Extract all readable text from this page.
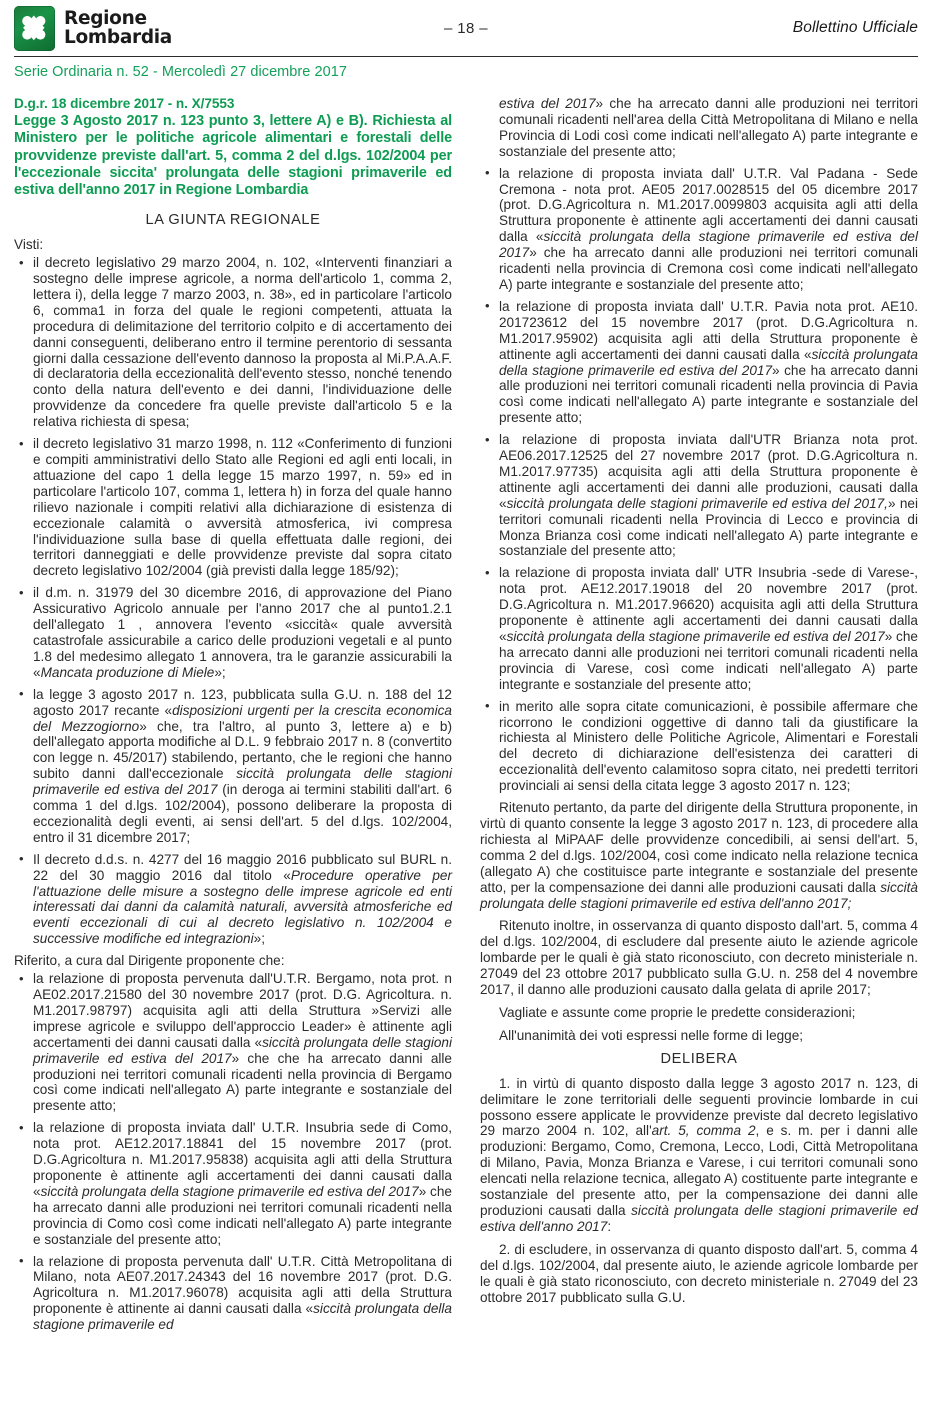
Regione
Lombardia	– 18 –	Bollettino Ufficiale
Serie Ordinaria n. 52 - Mercoledì 27 dicembre 2017
D.g.r. 18 dicembre 2017 - n. X/7553
Legge 3 Agosto 2017 n. 123 punto 3, lettere A) e B). Richiesta al Ministero per le politiche agricole alimentari e forestali delle provvidenze previste dall'art. 5, comma 2 del d.lgs. 102/2004 per l'eccezionale siccita' prolungata delle stagioni primaverile ed estiva dell'anno 2017 in Regione Lombardia
LA GIUNTA REGIONALE

Visti:

• il decreto legislativo 29 marzo 2004, n. 102, «Interventi finanziari a sostegno delle imprese agricole, a norma dell'articolo 1, comma 2, lettera i), della legge 7 marzo 2003, n. 38», ed in particolare l'articolo 6, comma1 in forza del quale le regioni competenti, attuata la procedura di delimitazione del territorio colpito e di accertamento dei danni conseguenti, deliberano entro il termine perentorio di sessanta giorni dalla cessazione dell'evento dannoso la proposta al Mi.P.A.A.F. di declaratoria della eccezionalità dell'evento stesso, nonché tenendo conto della natura dell'evento e dei danni, l'individuazione delle provvidenze da concedere fra quelle previste dall'articolo 5 e la relativa richiesta di spesa;
• il decreto legislativo 31 marzo 1998, n. 112 «Conferimento di funzioni e compiti amministrativi dello Stato alle Regioni ed agli enti locali, in attuazione del capo 1 della legge 15 marzo 1997, n. 59» ed in particolare l'articolo 107, comma 1, lettera h) in forza del quale hanno rilievo nazionale i compiti relativi alla dichiarazione di esistenza di eccezionale calamità o avversità atmosferica, ivi compresa l'individuazione sulla base di quella effettuata dalle regioni, dei territori danneggiati e delle provvidenze previste dal sopra citato decreto legislativo 102/2004 (già previsti dalla legge 185/92);
• il d.m. n. 31979 del 30 dicembre 2016, di approvazione del Piano Assicurativo Agricolo annuale per l'anno 2017 che al punto1.2.1 dell'allegato 1 , annovera l'evento «siccità« quale avversità catastrofale assicurabile a carico delle produzioni vegetali e al punto 1.8 del medesimo allegato 1 annovera, tra le garanzie assicurabili la «Mancata produzione di Miele»;
• la legge 3 agosto 2017 n. 123, pubblicata sulla G.U. n. 188 del 12 agosto 2017 recante «disposizioni urgenti per la crescita economica del Mezzogiorno» che, tra l'altro, al punto 3, lettere a) e b) dell'allegato apporta modifiche al D.L. 9 febbraio 2017 n. 8 (convertito con legge n. 45/2017) stabilendo, pertanto, che le regioni che hanno subito danni dall'eccezionale siccità prolungata delle stagioni primaverile ed estiva del 2017 (in deroga ai termini stabiliti dall'art. 6 comma 1 del d.lgs. 102/2004), possono deliberare la proposta di eccezionalità degli eventi, ai sensi dell'art. 5 del d.lgs. 102/2004, entro il 31 dicembre 2017;
• Il decreto d.d.s. n. 4277 del 16 maggio 2016 pubblicato sul BURL n. 22 del 30 maggio 2016 dal titolo «Procedure operative per l'attuazione delle misure a sostegno delle imprese agricole ed enti interessati dai danni da calamità naturali, avversità atmosferiche ed eventi eccezionali di cui al decreto legislativo n. 102/2004 e successive modifiche ed integrazioni»;

Riferito, a cura dal Dirigente proponente che:

• la relazione di proposta pervenuta dall'U.T.R. Bergamo, nota prot. n AE02.2017.21580 del 30 novembre 2017 (prot. D.G. Agricoltura. n. M1.2017.98797) acquisita agli atti della Struttura »Servizi alle imprese agricole e sviluppo dell'approccio Leader» è attinente agli accertamenti dei danni causati dalla «siccità prolungata delle stagioni primaverile ed estiva del 2017» che che ha arrecato danni alle produzioni nei territori comunali ricadenti nella provincia di Bergamo così come indicati nell'allegato A) parte integrante e sostanziale del presente atto;
• la relazione di proposta inviata dall' U.T.R. Insubria sede di Como, nota prot. AE12.2017.18841 del 15 novembre 2017 (prot. D.G.Agricoltura n. M1.2017.95838) acquisita agli atti della Struttura proponente è attinente agli accertamenti dei danni causati dalla «siccità prolungata della stagione primaverile ed estiva del 2017» che ha arrecato danni alle produzioni nei territori comunali ricadenti nella provincia di Como così come indicati nell'allegato A) parte integrante e sostanziale del presente atto;
• la relazione di proposta pervenuta dall' U.T.R. Città Metropolitana di Milano, nota AE07.2017.24343 del 16 novembre 2017 (prot. D.G. Agricoltura n. M1.2017.96078) acquisita agli atti della Struttura proponente è attinente ai danni causati dalla «siccità prolungata della stagione primaverile ed

estiva del 2017» che ha arrecato danni alle produzioni nei territori comunali ricadenti nell'area della Città Metropolitana di Milano e nella Provincia di Lodi così come indicati nell'allegato A) parte integrante e sostanziale del presente atto;

• la relazione di proposta inviata dall' U.T.R. Val Padana - Sede Cremona - nota prot. AE05 2017.0028515 del 05 dicembre 2017 (prot. D.G.Agricoltura n. M1.2017.0099803 acquisita agli atti della Struttura proponente è attinente agli accertamenti dei danni causati dalla «siccità prolungata della stagione primaverile ed estiva del 2017» che ha arrecato danni alle produzioni nei territori comunali ricadenti nella provincia di Cremona così come indicati nell'allegato A) parte integrante e sostanziale del presente atto;
• la relazione di proposta inviata dall' U.T.R. Pavia nota prot. AE10. 201723612 del 15 novembre 2017 (prot. D.G.Agricoltura n. M1.2017.95902) acquisita agli atti della Struttura proponente è attinente agli accertamenti dei danni causati dalla «siccità prolungata della stagione primaverile ed estiva del 2017» che ha arrecato danni alle produzioni nei territori comunali ricadenti nella provincia di Pavia così come indicati nell'allegato A) parte integrante e sostanziale del presente atto;
• la relazione di proposta inviata dall'UTR Brianza nota prot. AE06.2017.12525 del 27 novembre 2017 (prot. D.G.Agricoltura n. M1.2017.97735) acquisita agli atti della Struttura proponente è attinente agli accertamenti dei danni alle produzioni, causati dalla «siccità prolungata delle stagioni primaverile ed estiva del 2017,» nei territori comunali ricadenti nella Provincia di Lecco e provincia di Monza Brianza così come indicati nell'allegato A) parte integrante e sostanziale del presente atto;
• la relazione di proposta inviata dall' UTR Insubria -sede di Varese-, nota prot. AE12.2017.19018 del 20 novembre 2017 (prot. D.G.Agricoltura n. M1.2017.96620) acquisita agli atti della Struttura proponente è attinente agli accertamenti dei danni causati dalla «siccità prolungata della stagione primaverile ed estiva del 2017» che ha arrecato danni alle produzioni nei territori comunali ricadenti nella provincia di Varese, così come indicati nell'allegato A) parte integrante e sostanziale del presente atto;
• in merito alle sopra citate comunicazioni, è possibile affermare che ricorrono le condizioni oggettive di danno tali da giustificare la richiesta al Ministero delle Politiche Agricole, Alimentari e Forestali del decreto di dichiarazione dell'esistenza dei caratteri di eccezionalità dell'evento calamitoso sopra citato, nei predetti territori provinciali ai sensi della citata legge 3 agosto 2017 n. 123;

Ritenuto pertanto, da parte del dirigente della Struttura proponente, in virtù di quanto consente la legge 3 agosto 2017 n. 123, di procedere alla richiesta al MiPAAF delle provvidenze concedibili, ai sensi dell'art. 5, comma 2 del d.lgs. 102/2004, così come indicato nella relazione tecnica (allegato A) che costituisce parte integrante e sostanziale del presente atto, per la compensazione dei danni alle produzioni causati dalla siccità prolungata delle stagioni primaverile ed estiva dell'anno 2017;

Ritenuto inoltre, in osservanza di quanto disposto dall'art. 5, comma 4 del d.lgs. 102/2004, di escludere dal presente aiuto le aziende agricole lombarde per le quali è già stato riconosciuto, con decreto ministeriale n. 27049 del 23 ottobre 2017 pubblicato sulla G.U. n. 258 del 4 novembre 2017, il danno alle produzioni causato dalla gelata di aprile 2017;

Vagliate e assunte come proprie le predette considerazioni;

All'unanimità dei voti espressi nelle forme di legge;

DELIBERA

1. in virtù di quanto disposto dalla legge 3 agosto 2017 n. 123, di delimitare le zone territoriali delle seguenti provincie lombarde in cui possono essere applicate le provvidenze previste dal decreto legislativo 29 marzo 2004 n. 102, all'art. 5, comma 2, e s. m. per i danni alle produzioni: Bergamo, Como, Cremona, Lecco, Lodi, Città Metropolitana di Milano, Pavia, Monza Brianza e Varese, i cui territori comunali sono elencati nella relazione tecnica, allegato A) costituente parte integrante e sostanziale del presente atto, per la compensazione dei danni alle produzioni causati dalla siccità prolungata delle stagioni primaverile ed estiva dell'anno 2017:

2. di escludere, in osservanza di quanto disposto dall'art. 5, comma 4 del d.lgs. 102/2004, dal presente aiuto, le aziende agricole lombarde per le quali è già stato riconosciuto, con decreto ministeriale n. 27049 del 23 ottobre 2017 pubblicato sulla G.U.
